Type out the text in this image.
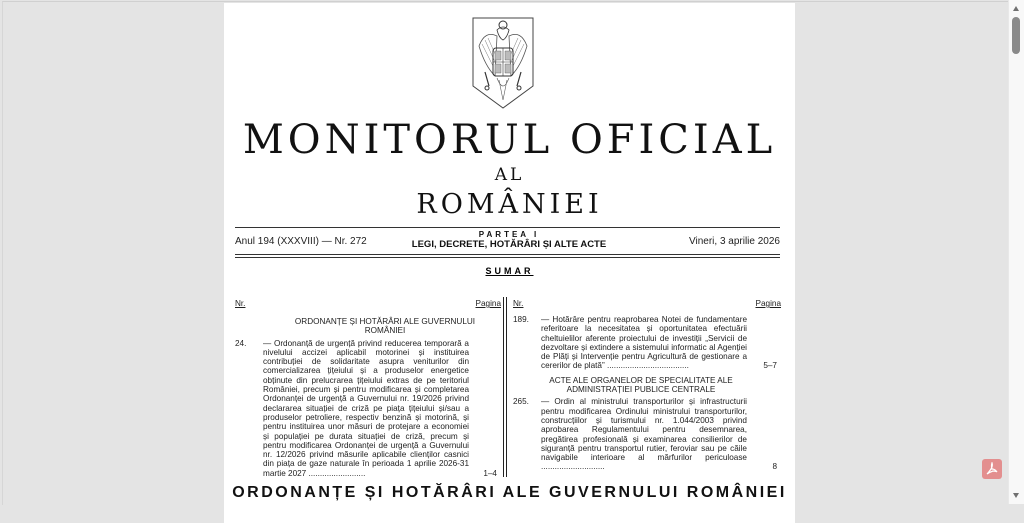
MONITORUL OFICIAL
AL
ROMÂNIEI
Anul 194 (XXXVIII) — Nr. 272
PARTEA I
LEGI, DECRETE, HOTĂRÂRI ȘI ALTE ACTE	Vineri, 3 aprilie 2026
SUMAR
Nr.	Pagina
ORDONANȚE ȘI HOTĂRÂRI ALE GUVERNULUI ROMÂNIEI
24.	— Ordonanță de urgență privind reducerea temporară a nivelului accizei aplicabil motorinei și instituirea contribuției de solidaritate asupra veniturilor din comercializarea țițeiului și a produselor energetice obținute din prelucrarea țițeiului extras de pe teritoriul României, precum și pentru modificarea și completarea Ordonanței de urgență a Guvernului nr. 19/2026 privind declararea situației de criză pe piața țițeiului și/sau a produselor petroliere, respectiv benzină și motorină, și pentru instituirea unor măsuri de protejare a economiei și populației pe durata situației de criză, precum și pentru modificarea Ordonanței de urgență a Guvernului nr. 12/2026 privind măsurile aplicabile clienților casnici din piața de gaze naturale în perioada 1 aprilie 2026-31 martie 2027 .........................	1–4
Nr.	Pagina
189.	— Hotărâre pentru reaprobarea Notei de fundamentare referitoare la necesitatea și oportunitatea efectuării cheltuielilor aferente proiectului de investiții „Servicii de dezvoltare și extindere a sistemului informatic al Agenției de Plăți și Intervenție pentru Agricultură de gestionare a cererilor de plată” ....................................	5–7
ACTE ALE ORGANELOR DE SPECIALITATE ALE ADMINISTRAȚIEI PUBLICE CENTRALE
265.	— Ordin al ministrului transporturilor și infrastructurii pentru modificarea Ordinului ministrului transporturilor, construcțiilor și turismului nr. 1.044/2003 privind aprobarea Regulamentului pentru desemnarea, pregătirea profesională și examinarea consilierilor de siguranță pentru transportul rutier, feroviar sau pe căile navigabile interioare al mărfurilor periculoase ............................	8
ORDONANȚE ȘI HOTĂRÂRI ALE GUVERNULUI ROMÂNIEI
